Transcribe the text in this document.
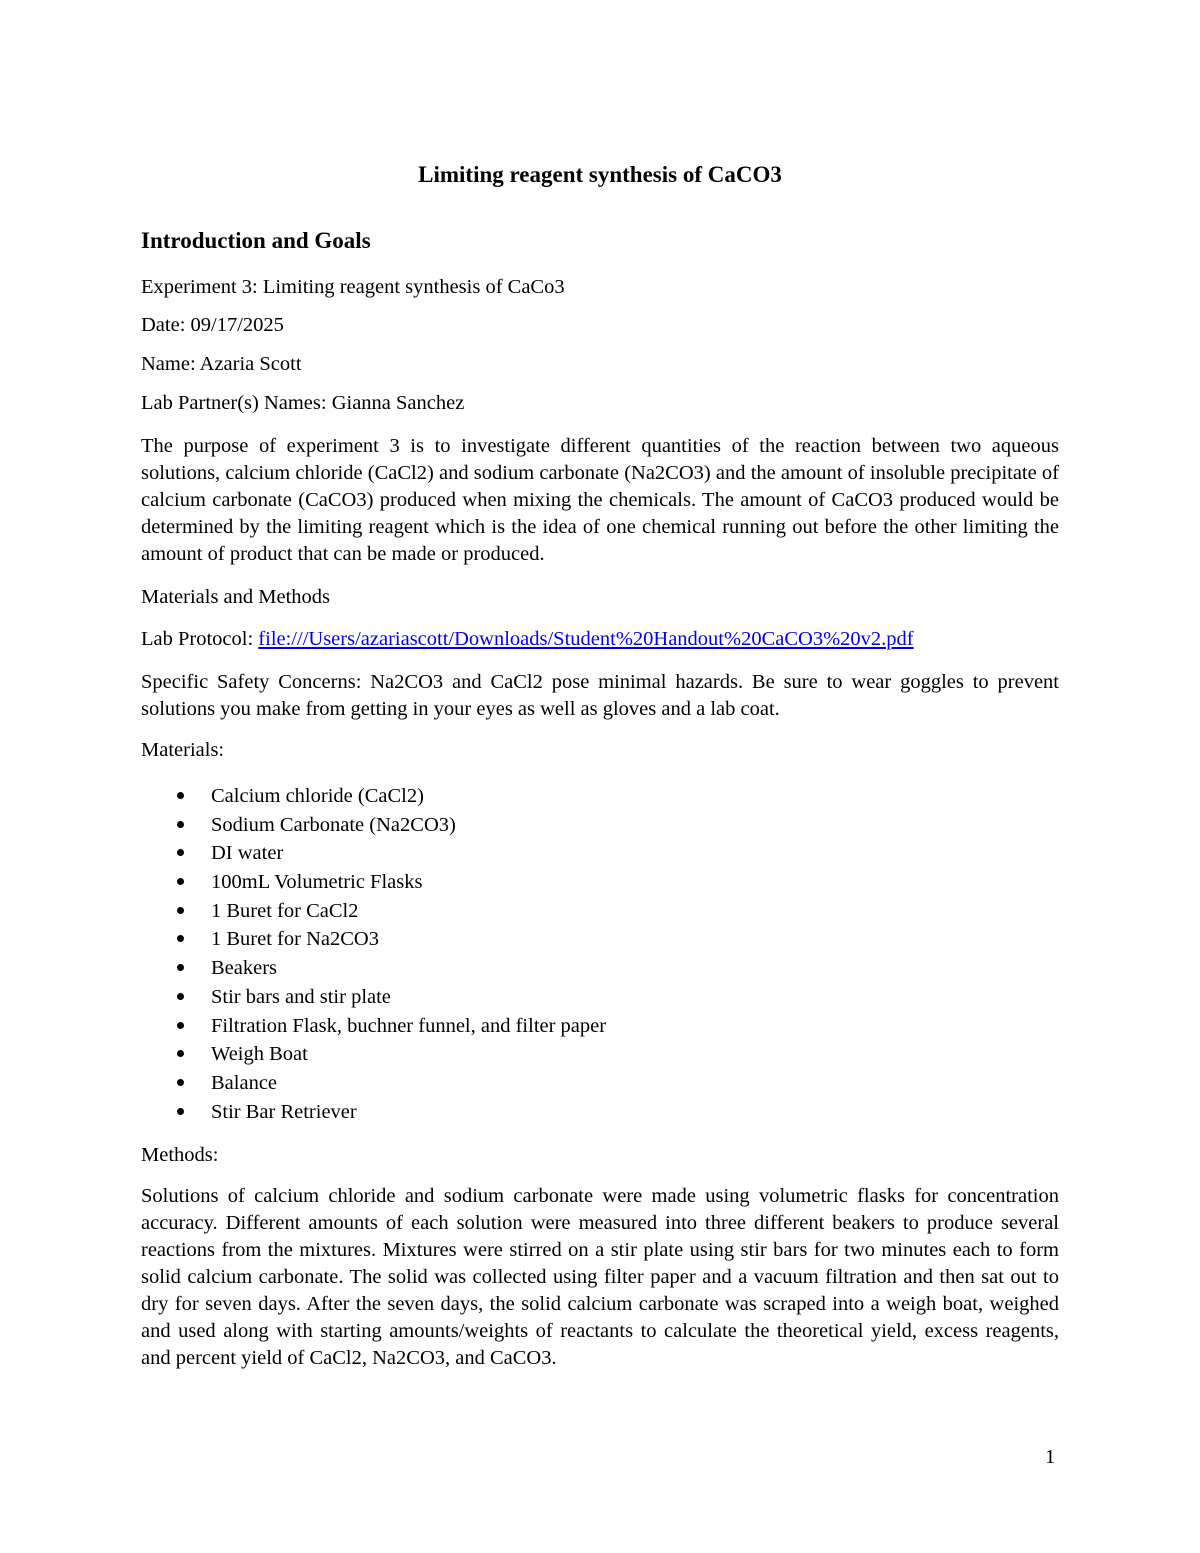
Limiting reagent synthesis of CaCO3
Introduction and Goals
Experiment 3: Limiting reagent synthesis of CaCo3
Date: 09/17/2025
Name: Azaria Scott
Lab Partner(s) Names: Gianna Sanchez
The purpose of experiment 3 is to investigate different quantities of the reaction between two aqueous solutions, calcium chloride (CaCl2) and sodium carbonate (Na2CO3) and the amount of insoluble precipitate of calcium carbonate (CaCO3) produced when mixing the chemicals. The amount of CaCO3 produced would be determined by the limiting reagent which is the idea of one chemical running out before the other limiting the amount of product that can be made or produced.
Materials and Methods
Lab Protocol: file:///Users/azariascott/Downloads/Student%20Handout%20CaCO3%20v2.pdf
Specific Safety Concerns: Na2CO3 and CaCl2 pose minimal hazards. Be sure to wear goggles to prevent solutions you make from getting in your eyes as well as gloves and a lab coat.
Materials:
Calcium chloride (CaCl2)
Sodium Carbonate (Na2CO3)
DI water
100mL Volumetric Flasks
1 Buret for CaCl2
1 Buret for Na2CO3
Beakers
Stir bars and stir plate
Filtration Flask, buchner funnel, and filter paper
Weigh Boat
Balance
Stir Bar Retriever
Methods:
Solutions of calcium chloride and sodium carbonate were made using volumetric flasks for concentration accuracy. Different amounts of each solution were measured into three different beakers to produce several reactions from the mixtures. Mixtures were stirred on a stir plate using stir bars for two minutes each to form solid calcium carbonate. The solid was collected using filter paper and a vacuum filtration and then sat out to dry for seven days. After the seven days, the solid calcium carbonate was scraped into a weigh boat, weighed and used along with starting amounts/weights of reactants to calculate the theoretical yield, excess reagents, and percent yield of CaCl2, Na2CO3, and CaCO3.
1
